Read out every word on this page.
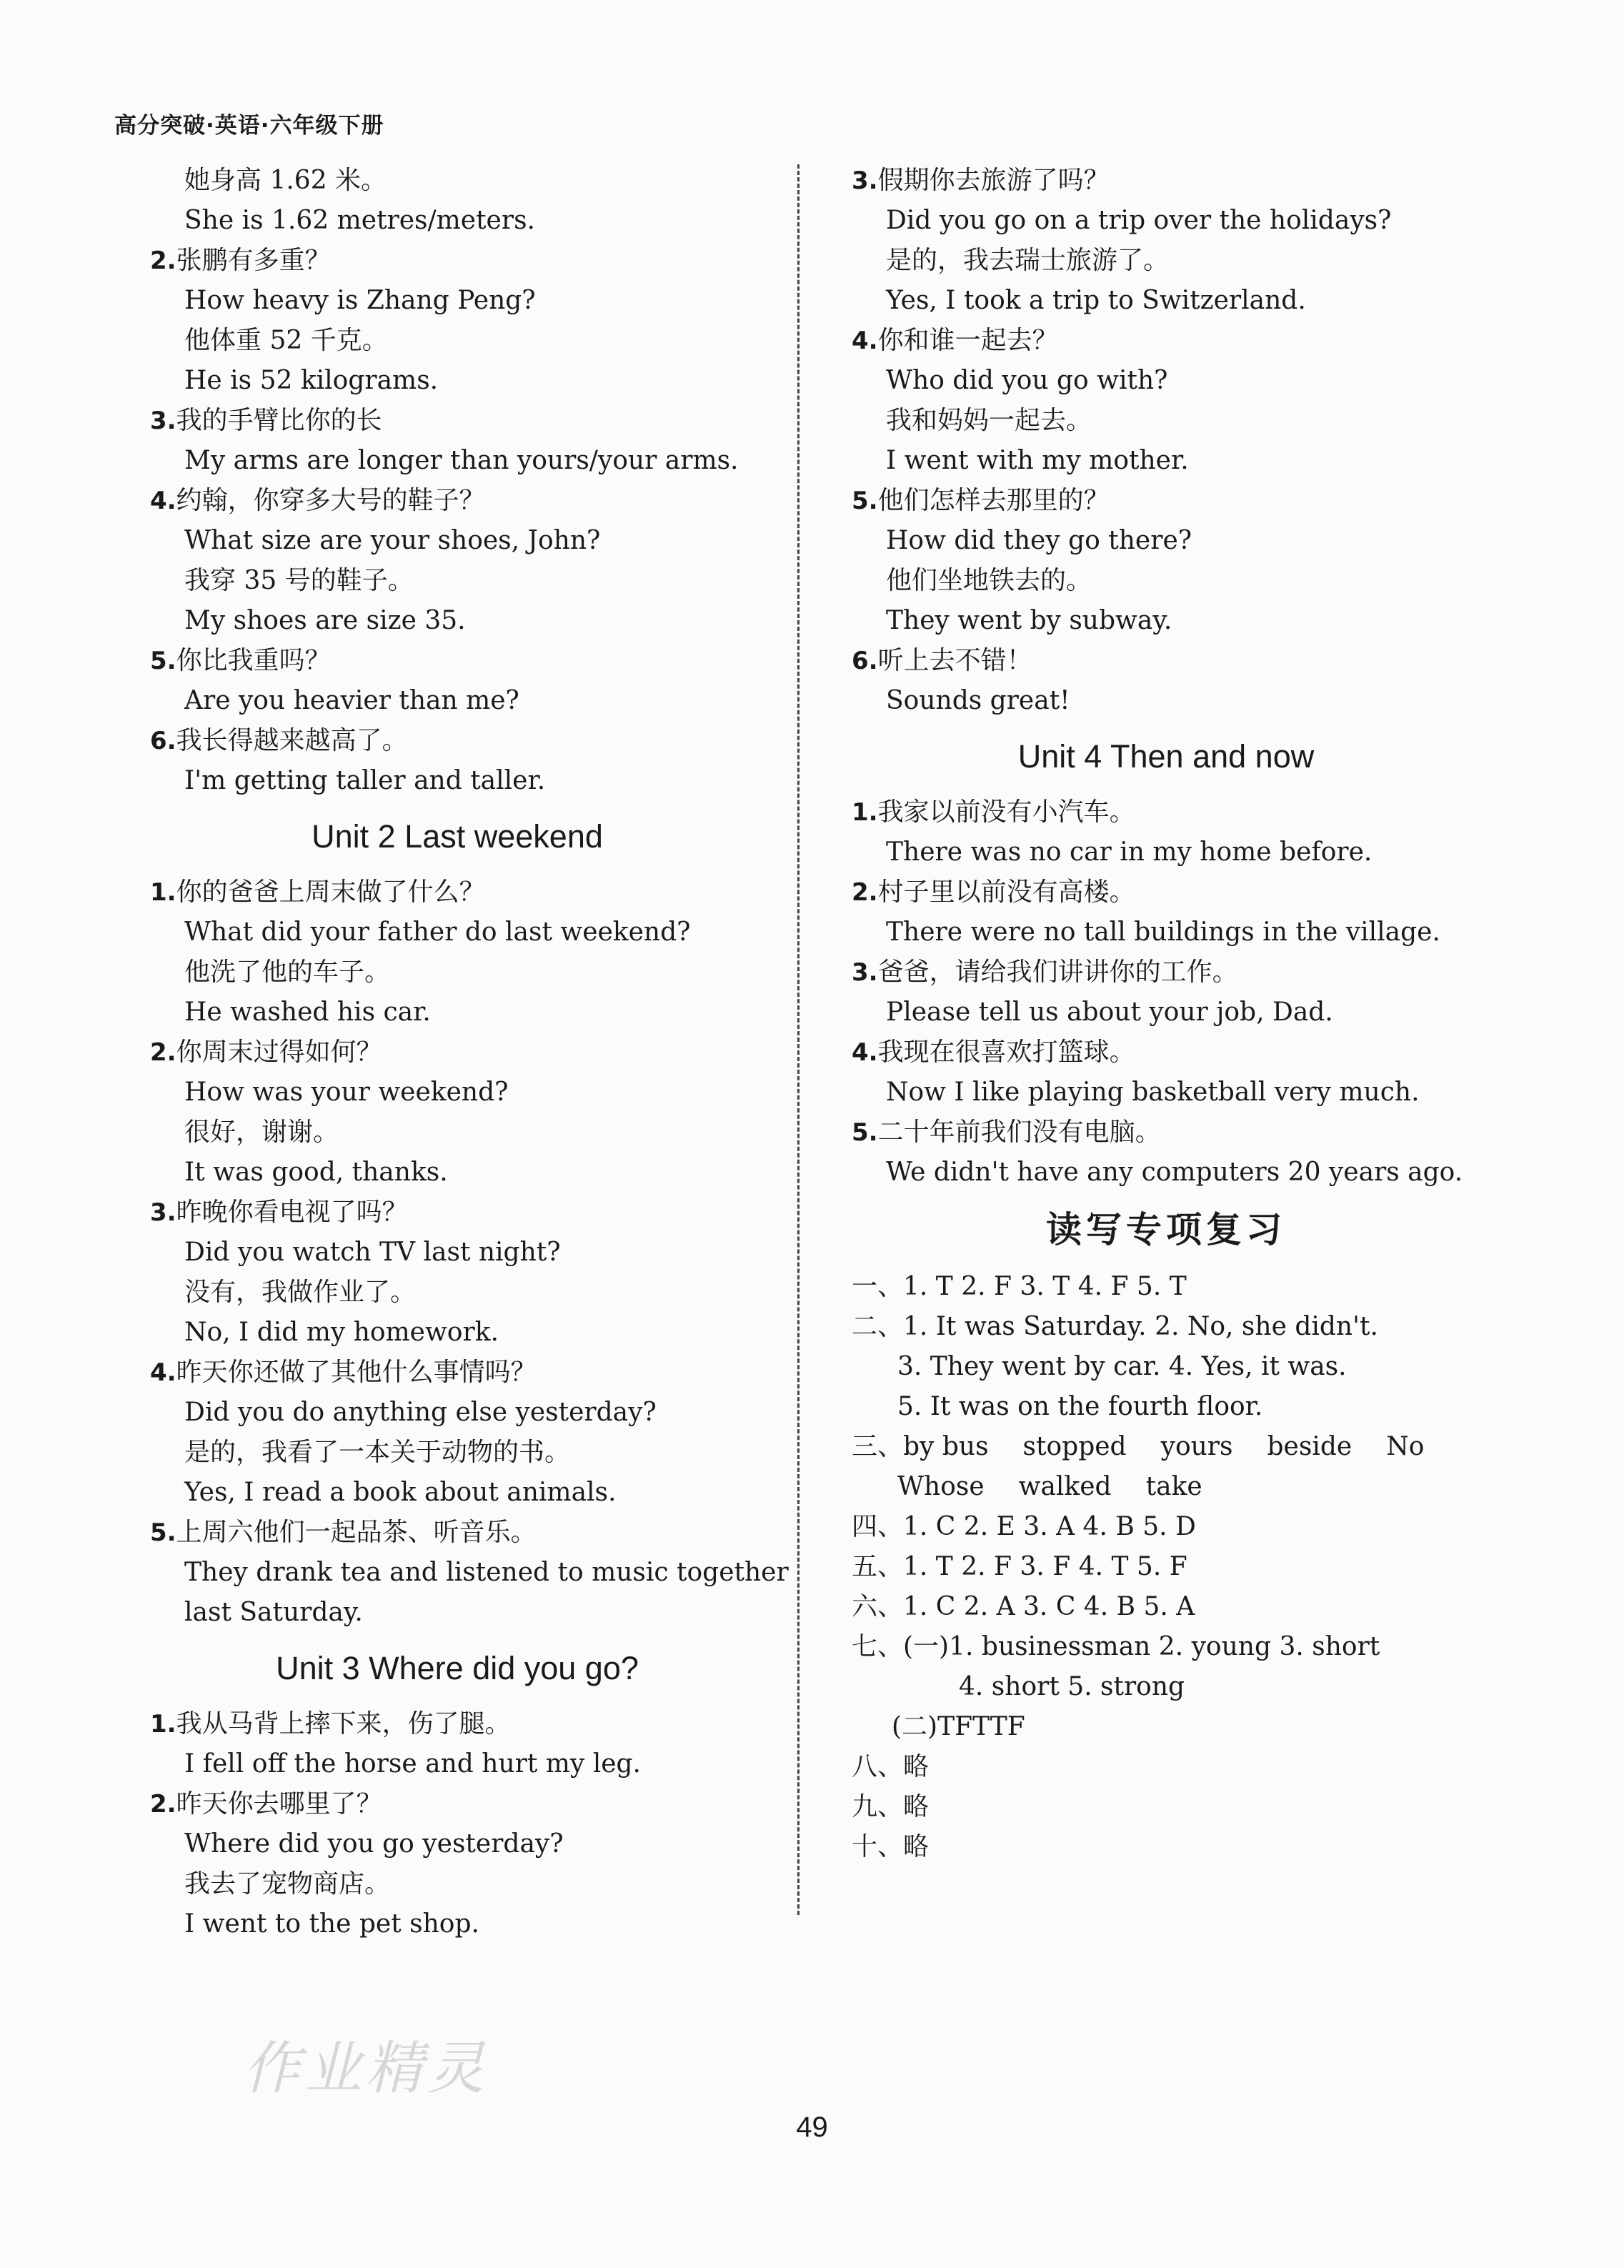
高分突破·英语·六年级下册
她身高 1.62 米。
She is 1.62 metres/meters.
2.张鹏有多重？
How heavy is Zhang Peng?
他体重 52 千克。
He is 52 kilograms.
3.我的手臂比你的长
My arms are longer than yours/your arms.
4.约翰，你穿多大号的鞋子？
What size are your shoes, John?
我穿 35 号的鞋子。
My shoes are size 35.
5.你比我重吗？
Are you heavier than me?
6.我长得越来越高了。
I'm getting taller and taller.
Unit 2 Last weekend
1.你的爸爸上周末做了什么？
What did your father do last weekend?
他洗了他的车子。
He washed his car.
2.你周末过得如何？
How was your weekend?
很好，谢谢。
It was good, thanks.
3.昨晚你看电视了吗？
Did you watch TV last night?
没有，我做作业了。
No, I did my homework.
4.昨天你还做了其他什么事情吗？
Did you do anything else yesterday?
是的，我看了一本关于动物的书。
Yes, I read a book about animals.
5.上周六他们一起品茶、听音乐。
They drank tea and listened to music together
last Saturday.
Unit 3 Where did you go?
1.我从马背上摔下来，伤了腿。
I fell off the horse and hurt my leg.
2.昨天你去哪里了？
Where did you go yesterday?
我去了宠物商店。
I went to the pet shop.
3.假期你去旅游了吗？
Did you go on a trip over the holidays?
是的，我去瑞士旅游了。
Yes, I took a trip to Switzerland.
4.你和谁一起去？
Who did you go with?
我和妈妈一起去。
I went with my mother.
5.他们怎样去那里的？
How did they go there?
他们坐地铁去的。
They went by subway.
6.听上去不错！
Sounds great!
Unit 4 Then and now
1.我家以前没有小汽车。
There was no car in my home before.
2.村子里以前没有高楼。
There were no tall buildings in the village.
3.爸爸，请给我们讲讲你的工作。
Please tell us about your job, Dad.
4.我现在很喜欢打篮球。
Now I like playing basketball very much.
5.二十年前我们没有电脑。
We didn't have any computers 20 years ago.
读写专项复习
一、1. T 2. F 3. T 4. F 5. T
二、1. It was Saturday. 2. No, she didn't.
3. They went by car. 4. Yes, it was.
5. It was on the fourth floor.
三、by bus stopped yours beside No
Whose walked take
四、1. C 2. E 3. A 4. B 5. D
五、1. T 2. F 3. F 4. T 5. F
六、1. C 2. A 3. C 4. B 5. A
七、(一)1. businessman 2. young 3. short
4. short 5. strong
(二)TFTTF
八、略
九、略
十、略
作业精灵
49
